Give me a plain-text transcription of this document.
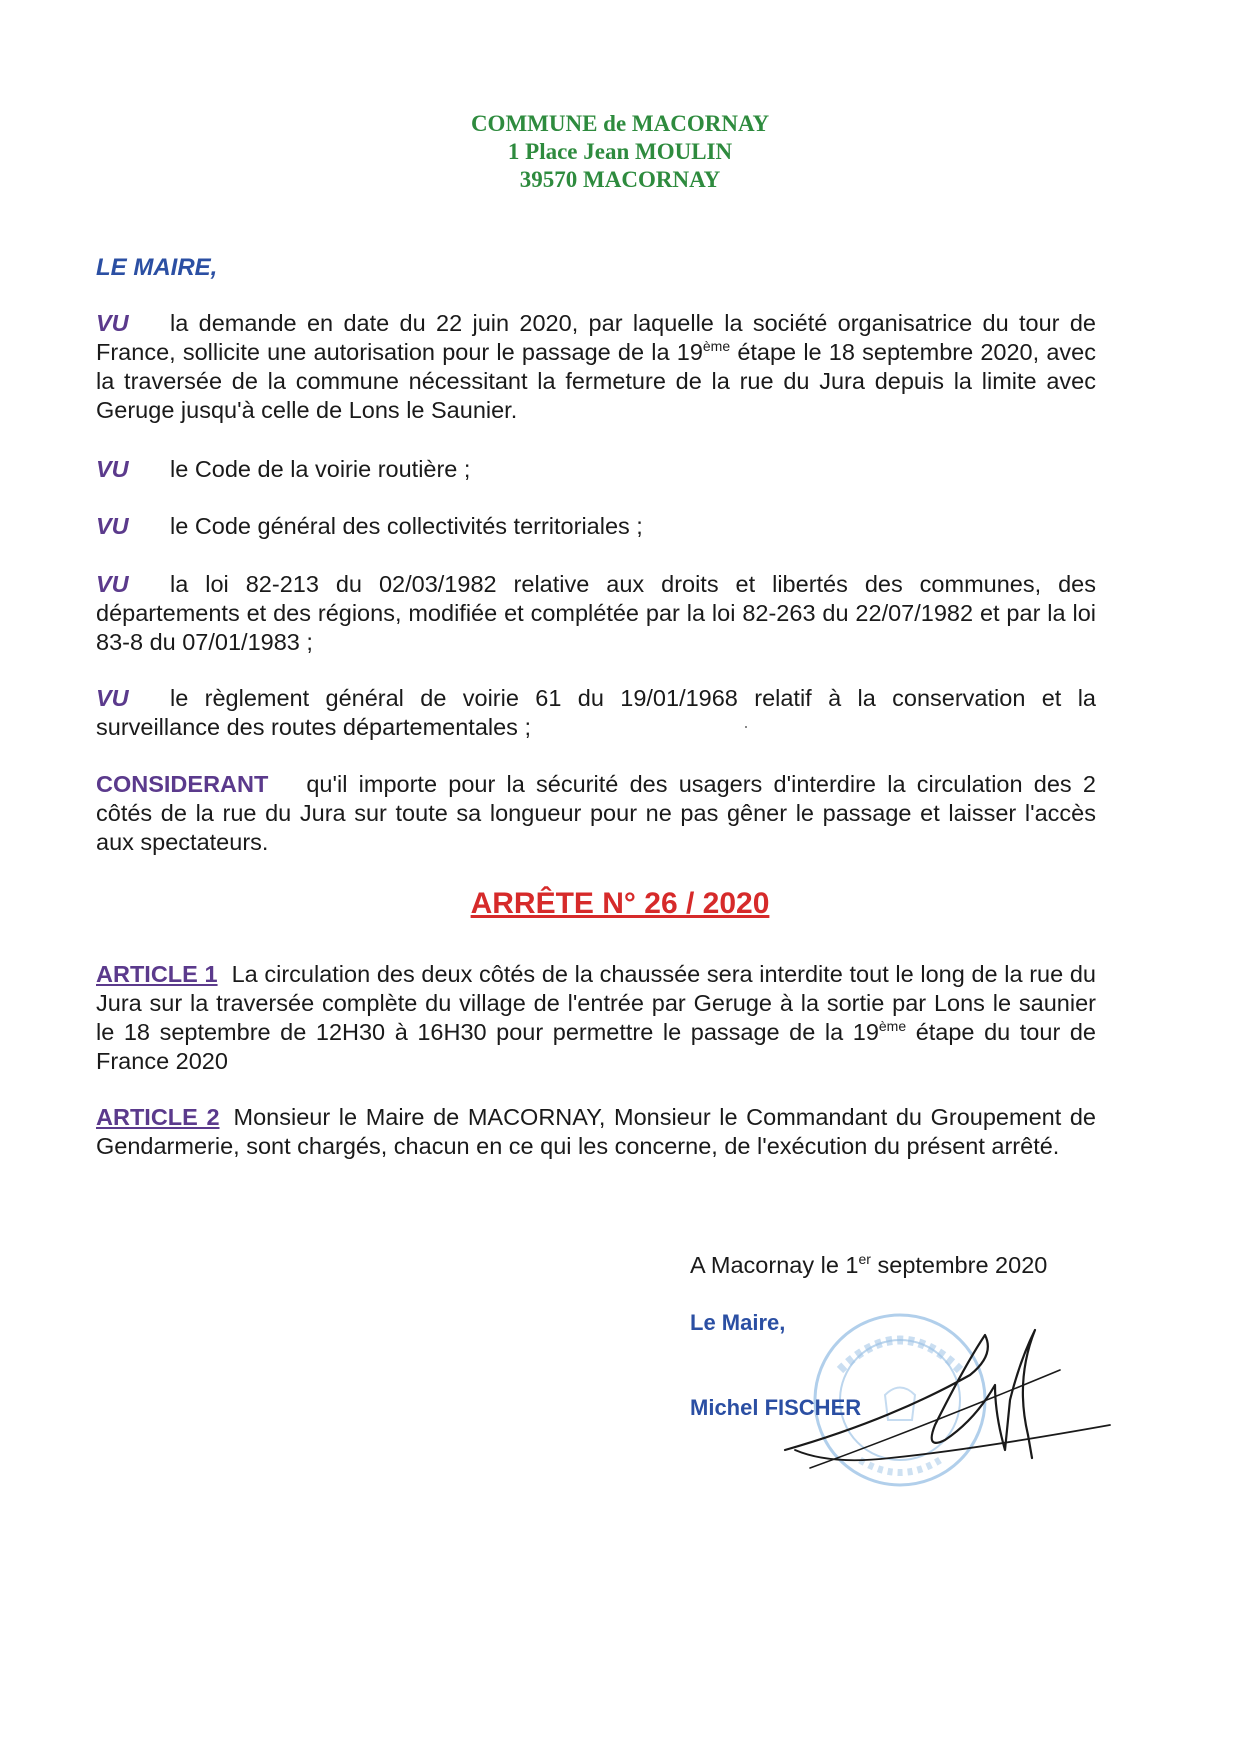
COMMUNE de MACORNAY
1 Place Jean MOULIN
39570 MACORNAY
LE MAIRE,
VU la demande en date du 22 juin 2020, par laquelle la société organisatrice du tour de France, sollicite une autorisation pour le passage de la 19ème étape le 18 septembre 2020, avec la traversée de la commune nécessitant la fermeture de la rue du Jura depuis la limite avec Geruge jusqu'à celle de Lons le Saunier.
VU le Code de la voirie routière ;
VU le Code général des collectivités territoriales ;
VU la loi 82-213 du 02/03/1982 relative aux droits et libertés des communes, des départements et des régions, modifiée et complétée par la loi 82-263 du 22/07/1982 et par la loi 83-8 du 07/01/1983 ;
VU le règlement général de voirie 61 du 19/01/1968 relatif à la conservation et la surveillance des routes départementales ;
CONSIDERANT qu'il importe pour la sécurité des usagers d'interdire la circulation des 2 côtés de la rue du Jura sur toute sa longueur pour ne pas gêner le passage et laisser l'accès aux spectateurs.
ARRÊTE N° 26 / 2020
ARTICLE 1 La circulation des deux côtés de la chaussée sera interdite tout le long de la rue du Jura sur la traversée complète du village de l'entrée par Geruge à la sortie par Lons le saunier le 18 septembre de 12H30 à 16H30 pour permettre le passage de la 19ème étape du tour de France 2020
ARTICLE 2 Monsieur le Maire de MACORNAY, Monsieur le Commandant du Groupement de Gendarmerie, sont chargés, chacun en ce qui les concerne, de l'exécution du présent arrêté.
A Macornay le 1er septembre 2020
Le Maire,
Michel FISCHER
